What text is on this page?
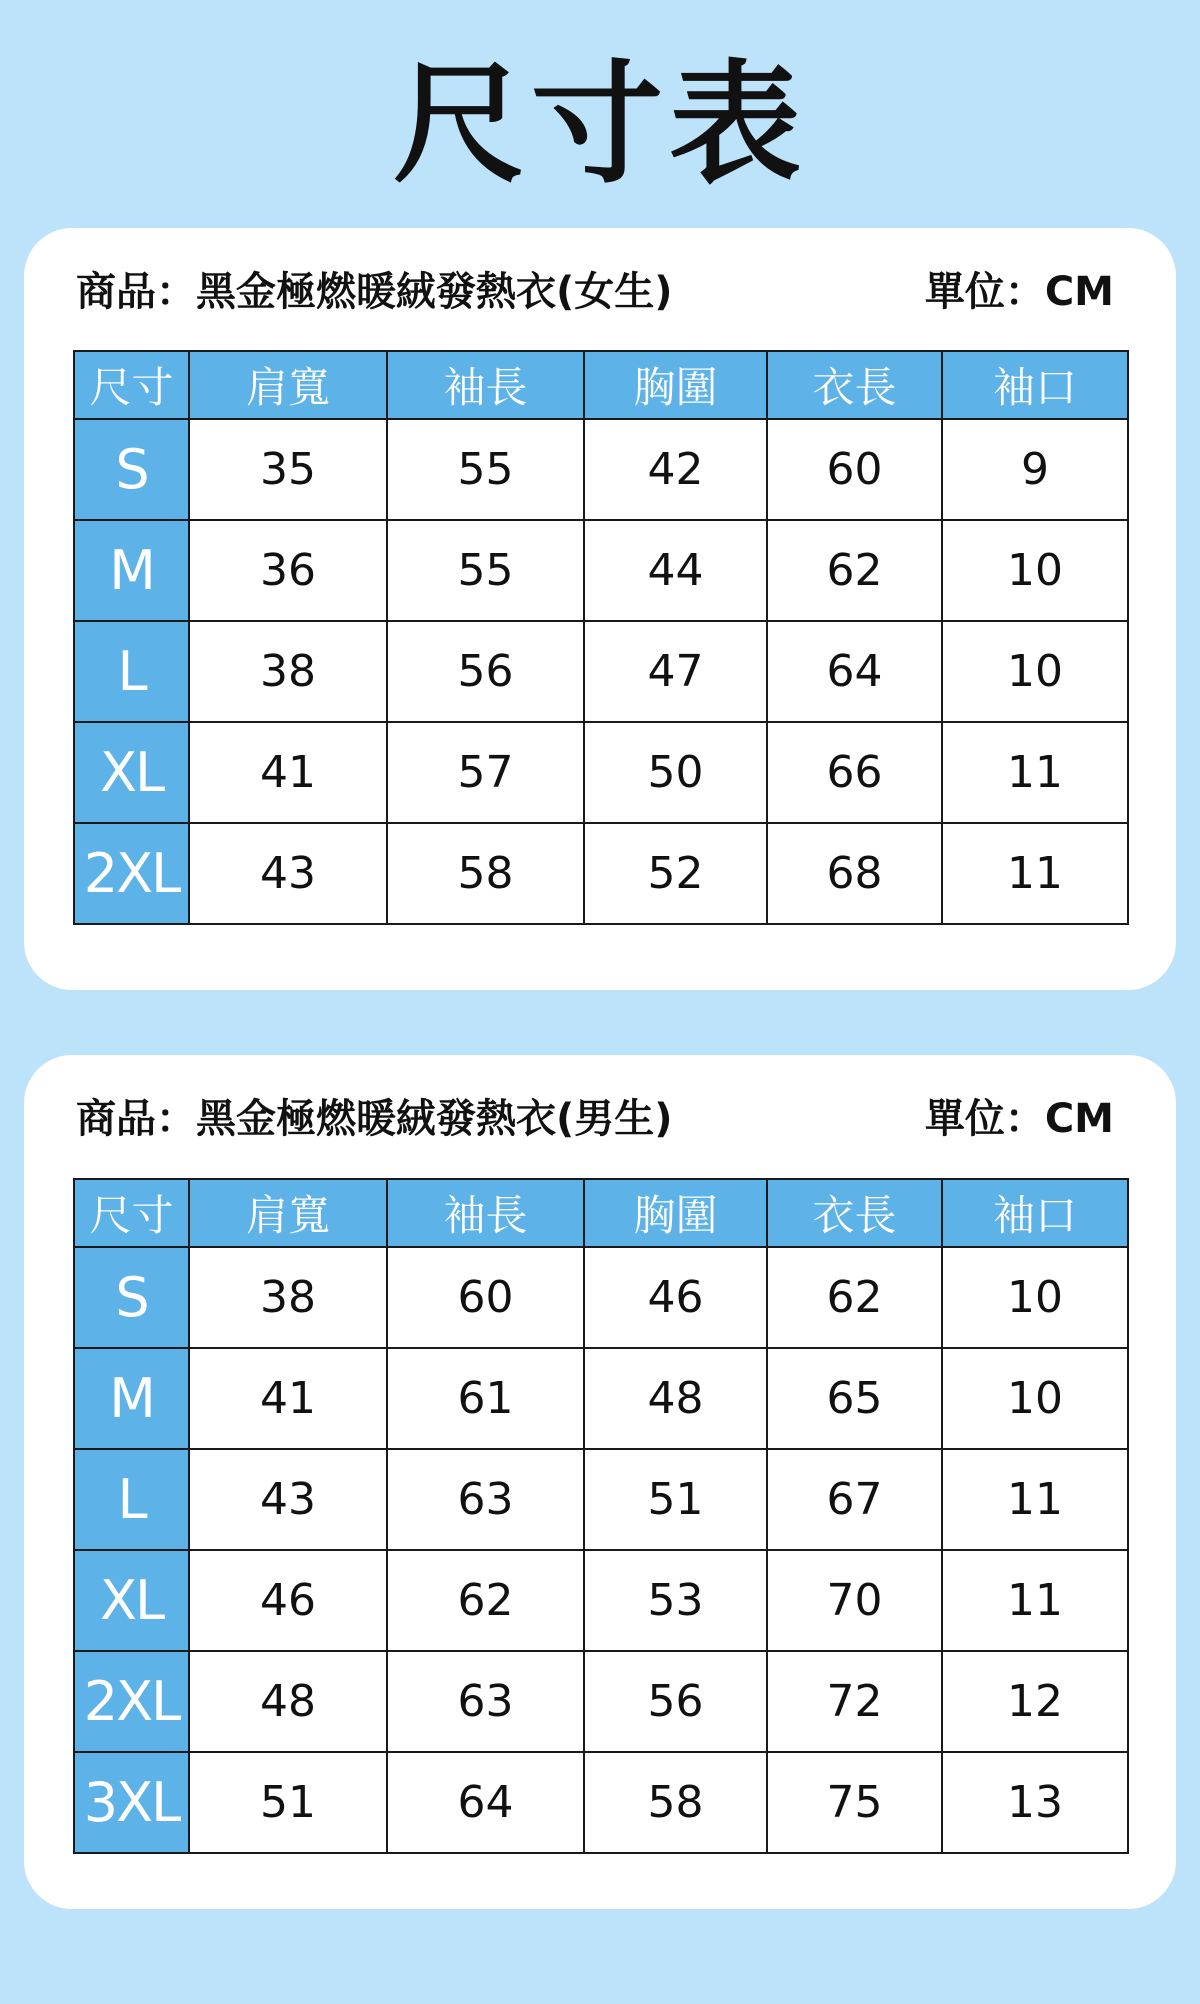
尺寸表
商品：黑金極燃暖絨發熱衣(女生)	單位：CM
尺寸	肩寬	袖長	胸圍	衣長	袖口
S	35	55	42	60	9
M	36	55	44	62	10
L	38	56	47	64	10
XL	41	57	50	66	11
2XL	43	58	52	68	11
商品：黑金極燃暖絨發熱衣(男生)	單位：CM
尺寸	肩寬	袖長	胸圍	衣長	袖口
S	38	60	46	62	10
M	41	61	48	65	10
L	43	63	51	67	11
XL	46	62	53	70	11
2XL	48	63	56	72	12
3XL	51	64	58	75	13
